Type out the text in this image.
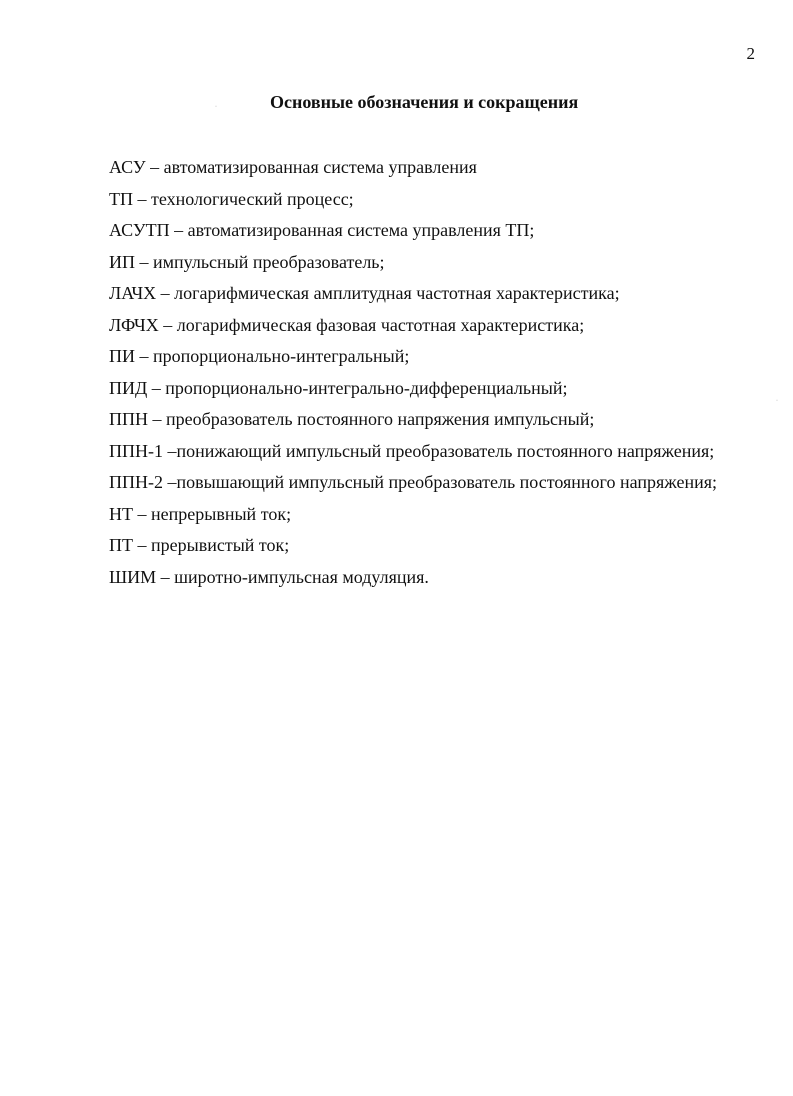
2
Основные обозначения и сокращения
АСУ – автоматизированная система управления
ТП – технологический процесс;
АСУТП – автоматизированная система управления ТП;
ИП – импульсный преобразователь;
ЛАЧХ – логарифмическая амплитудная частотная характеристика;
ЛФЧХ – логарифмическая фазовая частотная характеристика;
ПИ – пропорционально-интегральный;
ПИД – пропорционально-интегрально-дифференциальный;
ППН – преобразователь постоянного напряжения импульсный;
ППН-1 –понижающий импульсный преобразователь постоянного напряжения;
ППН-2 –повышающий импульсный преобразователь постоянного напряжения;
НТ – непрерывный ток;
ПТ – прерывистый ток;
ШИМ – широтно-импульсная модуляция.
·
·
